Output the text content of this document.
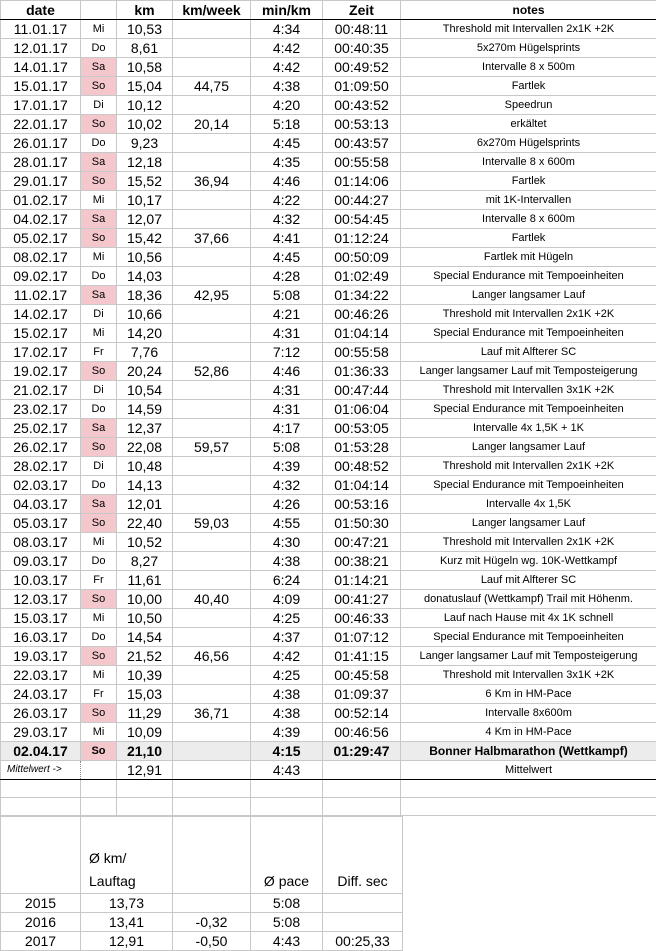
date		km	km/week	min/km	Zeit	notes
11.01.17	Mi	10,53		4:34	00:48:11	Threshold mit Intervallen 2x1K +2K
12.01.17	Do	8,61		4:42	00:40:35	5x270m Hügelsprints
14.01.17	Sa	10,58		4:42	00:49:52	Intervalle 8 x 500m
15.01.17	So	15,04	44,75	4:38	01:09:50	Fartlek
17.01.17	Di	10,12		4:20	00:43:52	Speedrun
22.01.17	So	10,02	20,14	5:18	00:53:13	erkältet
26.01.17	Do	9,23		4:45	00:43:57	6x270m Hügelsprints
28.01.17	Sa	12,18		4:35	00:55:58	Intervalle 8 x 600m
29.01.17	So	15,52	36,94	4:46	01:14:06	Fartlek
01.02.17	Mi	10,17		4:22	00:44:27	mit 1K-Intervallen
04.02.17	Sa	12,07		4:32	00:54:45	Intervalle 8 x 600m
05.02.17	So	15,42	37,66	4:41	01:12:24	Fartlek
08.02.17	Mi	10,56		4:45	00:50:09	Fartlek mit Hügeln
09.02.17	Do	14,03		4:28	01:02:49	Special Endurance mit Tempoeinheiten
11.02.17	Sa	18,36	42,95	5:08	01:34:22	Langer langsamer Lauf
14.02.17	Di	10,66		4:21	00:46:26	Threshold mit Intervallen 2x1K +2K
15.02.17	Mi	14,20		4:31	01:04:14	Special Endurance mit Tempoeinheiten
17.02.17	Fr	7,76		7:12	00:55:58	Lauf mit Alfterer SC
19.02.17	So	20,24	52,86	4:46	01:36:33	Langer langsamer Lauf mit Temposteigerung
21.02.17	Di	10,54		4:31	00:47:44	Threshold mit Intervallen 3x1K +2K
23.02.17	Do	14,59		4:31	01:06:04	Special Endurance mit Tempoeinheiten
25.02.17	Sa	12,37		4:17	00:53:05	Intervalle 4x 1,5K + 1K
26.02.17	So	22,08	59,57	5:08	01:53:28	Langer langsamer Lauf
28.02.17	Di	10,48		4:39	00:48:52	Threshold mit Intervallen 2x1K +2K
02.03.17	Do	14,13		4:32	01:04:14	Special Endurance mit Tempoeinheiten
04.03.17	Sa	12,01		4:26	00:53:16	Intervalle 4x 1,5K
05.03.17	So	22,40	59,03	4:55	01:50:30	Langer langsamer Lauf
08.03.17	Mi	10,52		4:30	00:47:21	Threshold mit Intervallen 2x1K +2K
09.03.17	Do	8,27		4:38	00:38:21	Kurz mit Hügeln wg. 10K-Wettkampf
10.03.17	Fr	11,61		6:24	01:14:21	Lauf mit Alfterer SC
12.03.17	So	10,00	40,40	4:09	00:41:27	donatuslauf (Wettkampf) Trail mit Höhenm.
15.03.17	Mi	10,50		4:25	00:46:33	Lauf nach Hause mit 4x 1K schnell
16.03.17	Do	14,54		4:37	01:07:12	Special Endurance mit Tempoeinheiten
19.03.17	So	21,52	46,56	4:42	01:41:15	Langer langsamer Lauf mit Temposteigerung
22.03.17	Mi	10,39		4:25	00:45:58	Threshold mit Intervallen 3x1K +2K
24.03.17	Fr	15,03		4:38	01:09:37	6 Km in HM-Pace
26.03.17	So	11,29	36,71	4:38	00:52:14	Intervalle 8x600m
29.03.17	Mi	10,09		4:39	00:46:56	4 Km in HM-Pace
02.04.17	So	21,10		4:15	01:29:47	Bonner Halbmarathon (Wettkampf)
Mittelwert ->		12,91		4:43		Mittelwert

	Ø km/
Lauftag		Ø pace	Diff. sec

2015	13,73		5:08	
2016	13,41	-0,32	5:08	
2017	12,91	-0,50	4:43	00:25,33
